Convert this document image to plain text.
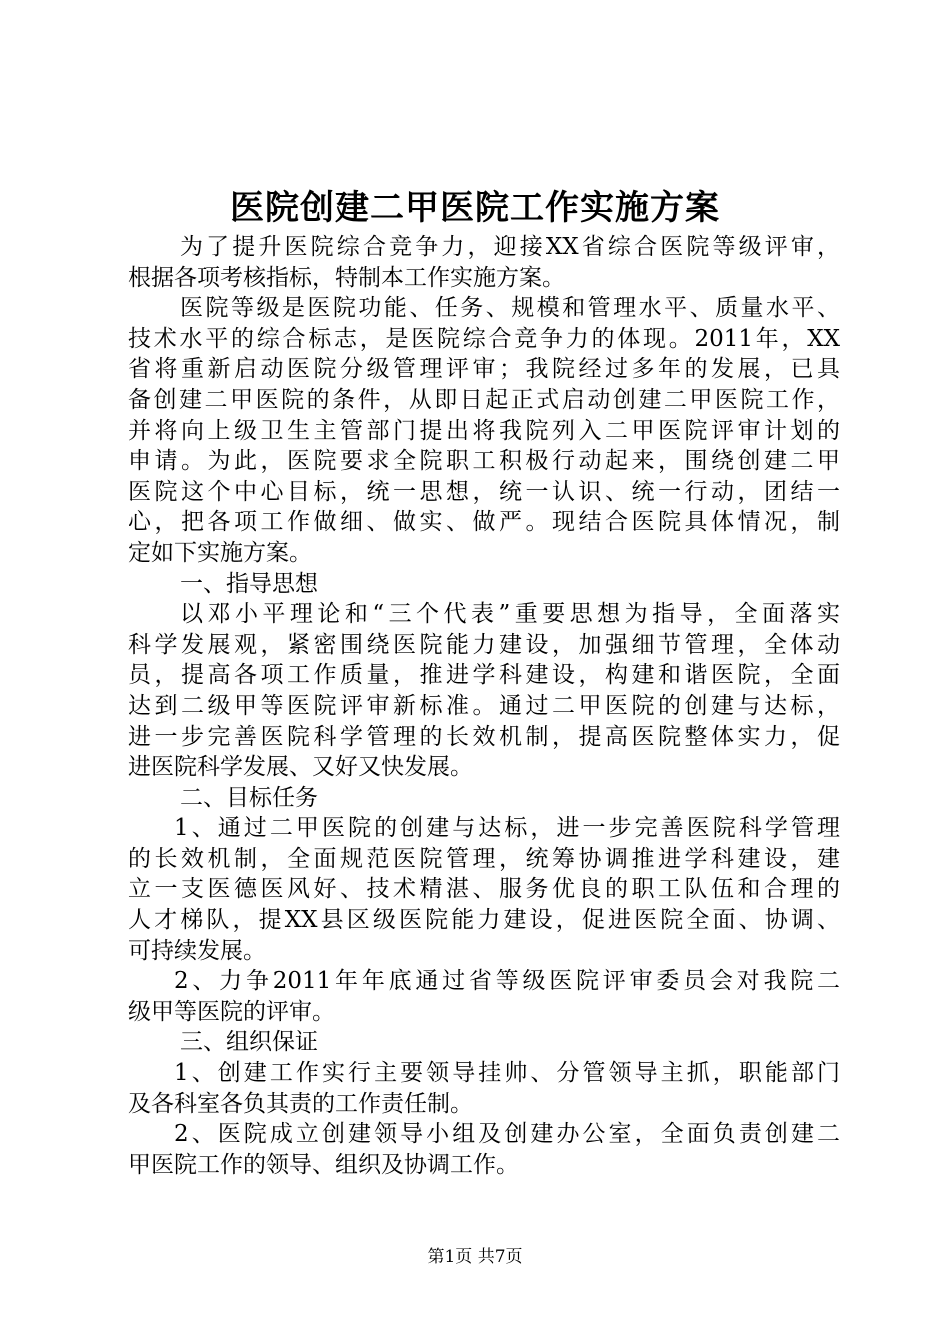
医院创建二甲医院工作实施方案
为了提升医院综合竞争力，迎接XX省综合医院等级评审，
根据各项考核指标，特制本工作实施方案。
医院等级是医院功能、任务、规模和管理水平、质量水平、
技术水平的综合标志，是医院综合竞争力的体现。2011年，XX
省将重新启动医院分级管理评审；我院经过多年的发展，已具
备创建二甲医院的条件，从即日起正式启动创建二甲医院工作，
并将向上级卫生主管部门提出将我院列入二甲医院评审计划的
申请。为此，医院要求全院职工积极行动起来，围绕创建二甲
医院这个中心目标，统一思想，统一认识、统一行动，团结一
心，把各项工作做细、做实、做严。现结合医院具体情况，制
定如下实施方案。
一、指导思想
以邓小平理论和“三个代表”重要思想为指导，全面落实
科学发展观，紧密围绕医院能力建设，加强细节管理，全体动
员，提高各项工作质量，推进学科建设，构建和谐医院，全面
达到二级甲等医院评审新标准。通过二甲医院的创建与达标，
进一步完善医院科学管理的长效机制，提高医院整体实力，促
进医院科学发展、又好又快发展。
二、目标任务
1、通过二甲医院的创建与达标，进一步完善医院科学管理
的长效机制，全面规范医院管理，统筹协调推进学科建设，建
立一支医德医风好、技术精湛、服务优良的职工队伍和合理的
人才梯队，提XX县区级医院能力建设，促进医院全面、协调、
可持续发展。
2、力争2011年年底通过省等级医院评审委员会对我院二
级甲等医院的评审。
三、组织保证
1、创建工作实行主要领导挂帅、分管领导主抓，职能部门
及各科室各负其责的工作责任制。
2、医院成立创建领导小组及创建办公室，全面负责创建二
甲医院工作的领导、组织及协调工作。
第1页 共7页
